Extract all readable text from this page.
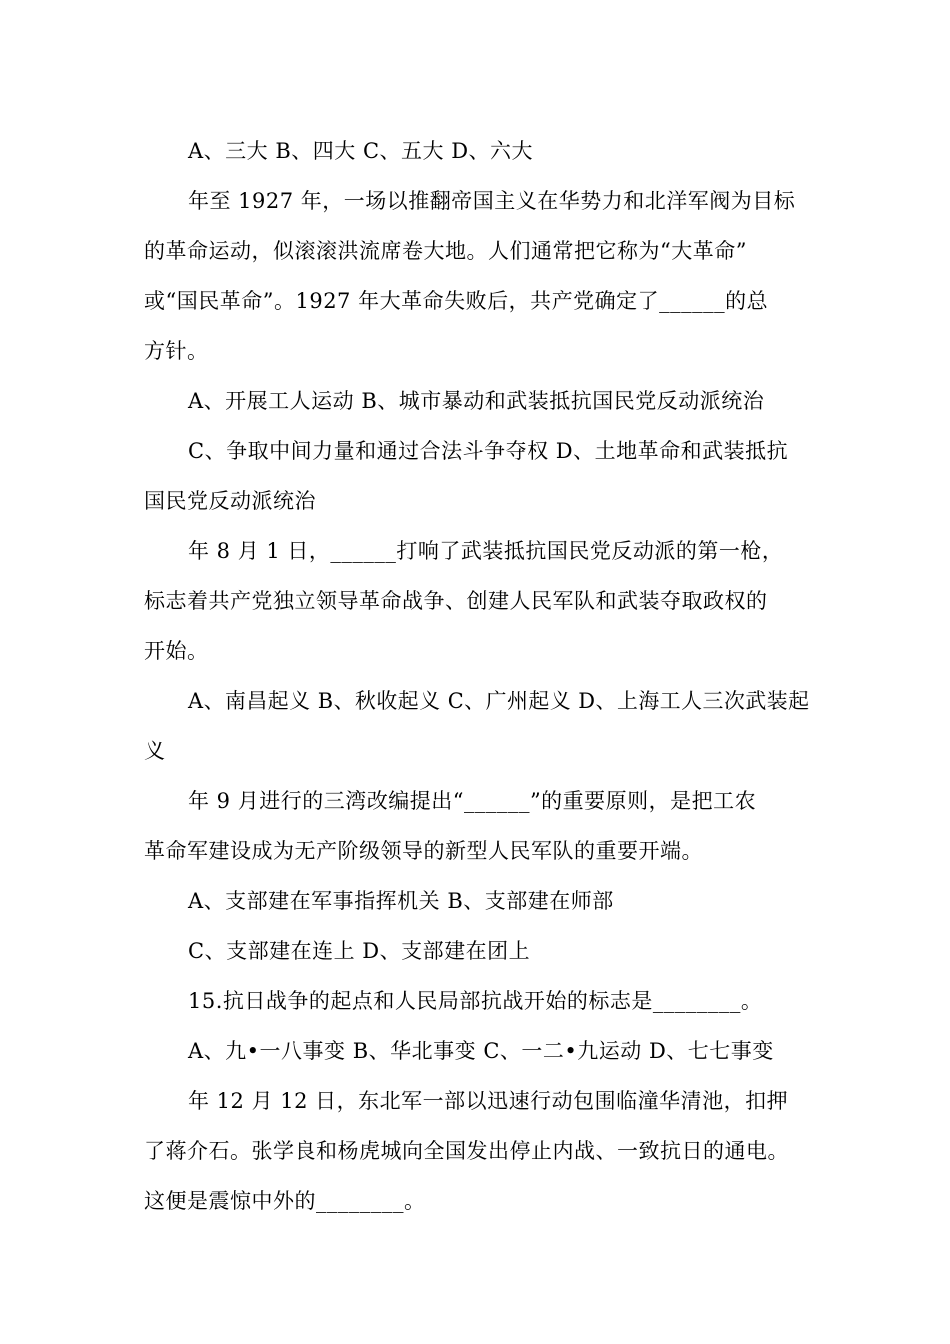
A、三大 B、四大 C、五大 D、六大
年至 1927 年，一场以推翻帝国主义在华势力和北洋军阀为目标
的革命运动，似滚滚洪流席卷大地。人们通常把它称为“大革命”
或“国民革命”。1927 年大革命失败后，共产党确定了______的总
方针。
A、开展工人运动 B、城市暴动和武装抵抗国民党反动派统治
C、争取中间力量和通过合法斗争夺权 D、土地革命和武装抵抗
国民党反动派统治
年 8 月 1 日，______打响了武装抵抗国民党反动派的第一枪，
标志着共产党独立领导革命战争、创建人民军队和武装夺取政权的
开始。
A、南昌起义 B、秋收起义 C、广州起义 D、上海工人三次武装起
义
年 9 月进行的三湾改编提出“______”的重要原则，是把工农
革命军建设成为无产阶级领导的新型人民军队的重要开端。
A、支部建在军事指挥机关 B、支部建在师部
C、支部建在连上 D、支部建在团上
15.抗日战争的起点和人民局部抗战开始的标志是________。
A、九•一八事变 B、华北事变 C、一二•九运动 D、七七事变
年 12 月 12 日，东北军一部以迅速行动包围临潼华清池，扣押
了蒋介石。张学良和杨虎城向全国发出停止内战、一致抗日的通电。
这便是震惊中外的________。
